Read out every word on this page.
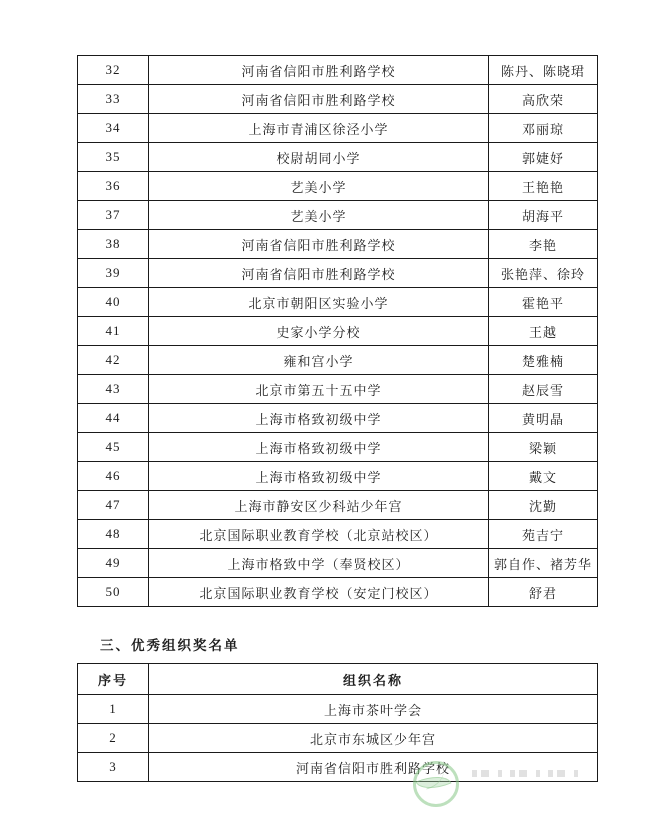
32	河南省信阳市胜利路学校	陈丹、陈晓珺
33	河南省信阳市胜利路学校	高欣荣
34	上海市青浦区徐泾小学	邓丽琼
35	校尉胡同小学	郭婕妤
36	艺美小学	王艳艳
37	艺美小学	胡海平
38	河南省信阳市胜利路学校	李艳
39	河南省信阳市胜利路学校	张艳萍、徐玲
40	北京市朝阳区实验小学	霍艳平
41	史家小学分校	王越
42	雍和宫小学	楚雅楠
43	北京市第五十五中学	赵辰雪
44	上海市格致初级中学	黄明晶
45	上海市格致初级中学	梁颖
46	上海市格致初级中学	戴文
47	上海市静安区少科站少年宫	沈勤
48	北京国际职业教育学校（北京站校区）	苑吉宁
49	上海市格致中学（奉贤校区）	郭自作、褚芳华
50	北京国际职业教育学校（安定门校区）	舒君
三、优秀组织奖名单
序号	组织名称
1	上海市茶叶学会
2	北京市东城区少年宫
3	河南省信阳市胜利路学校
